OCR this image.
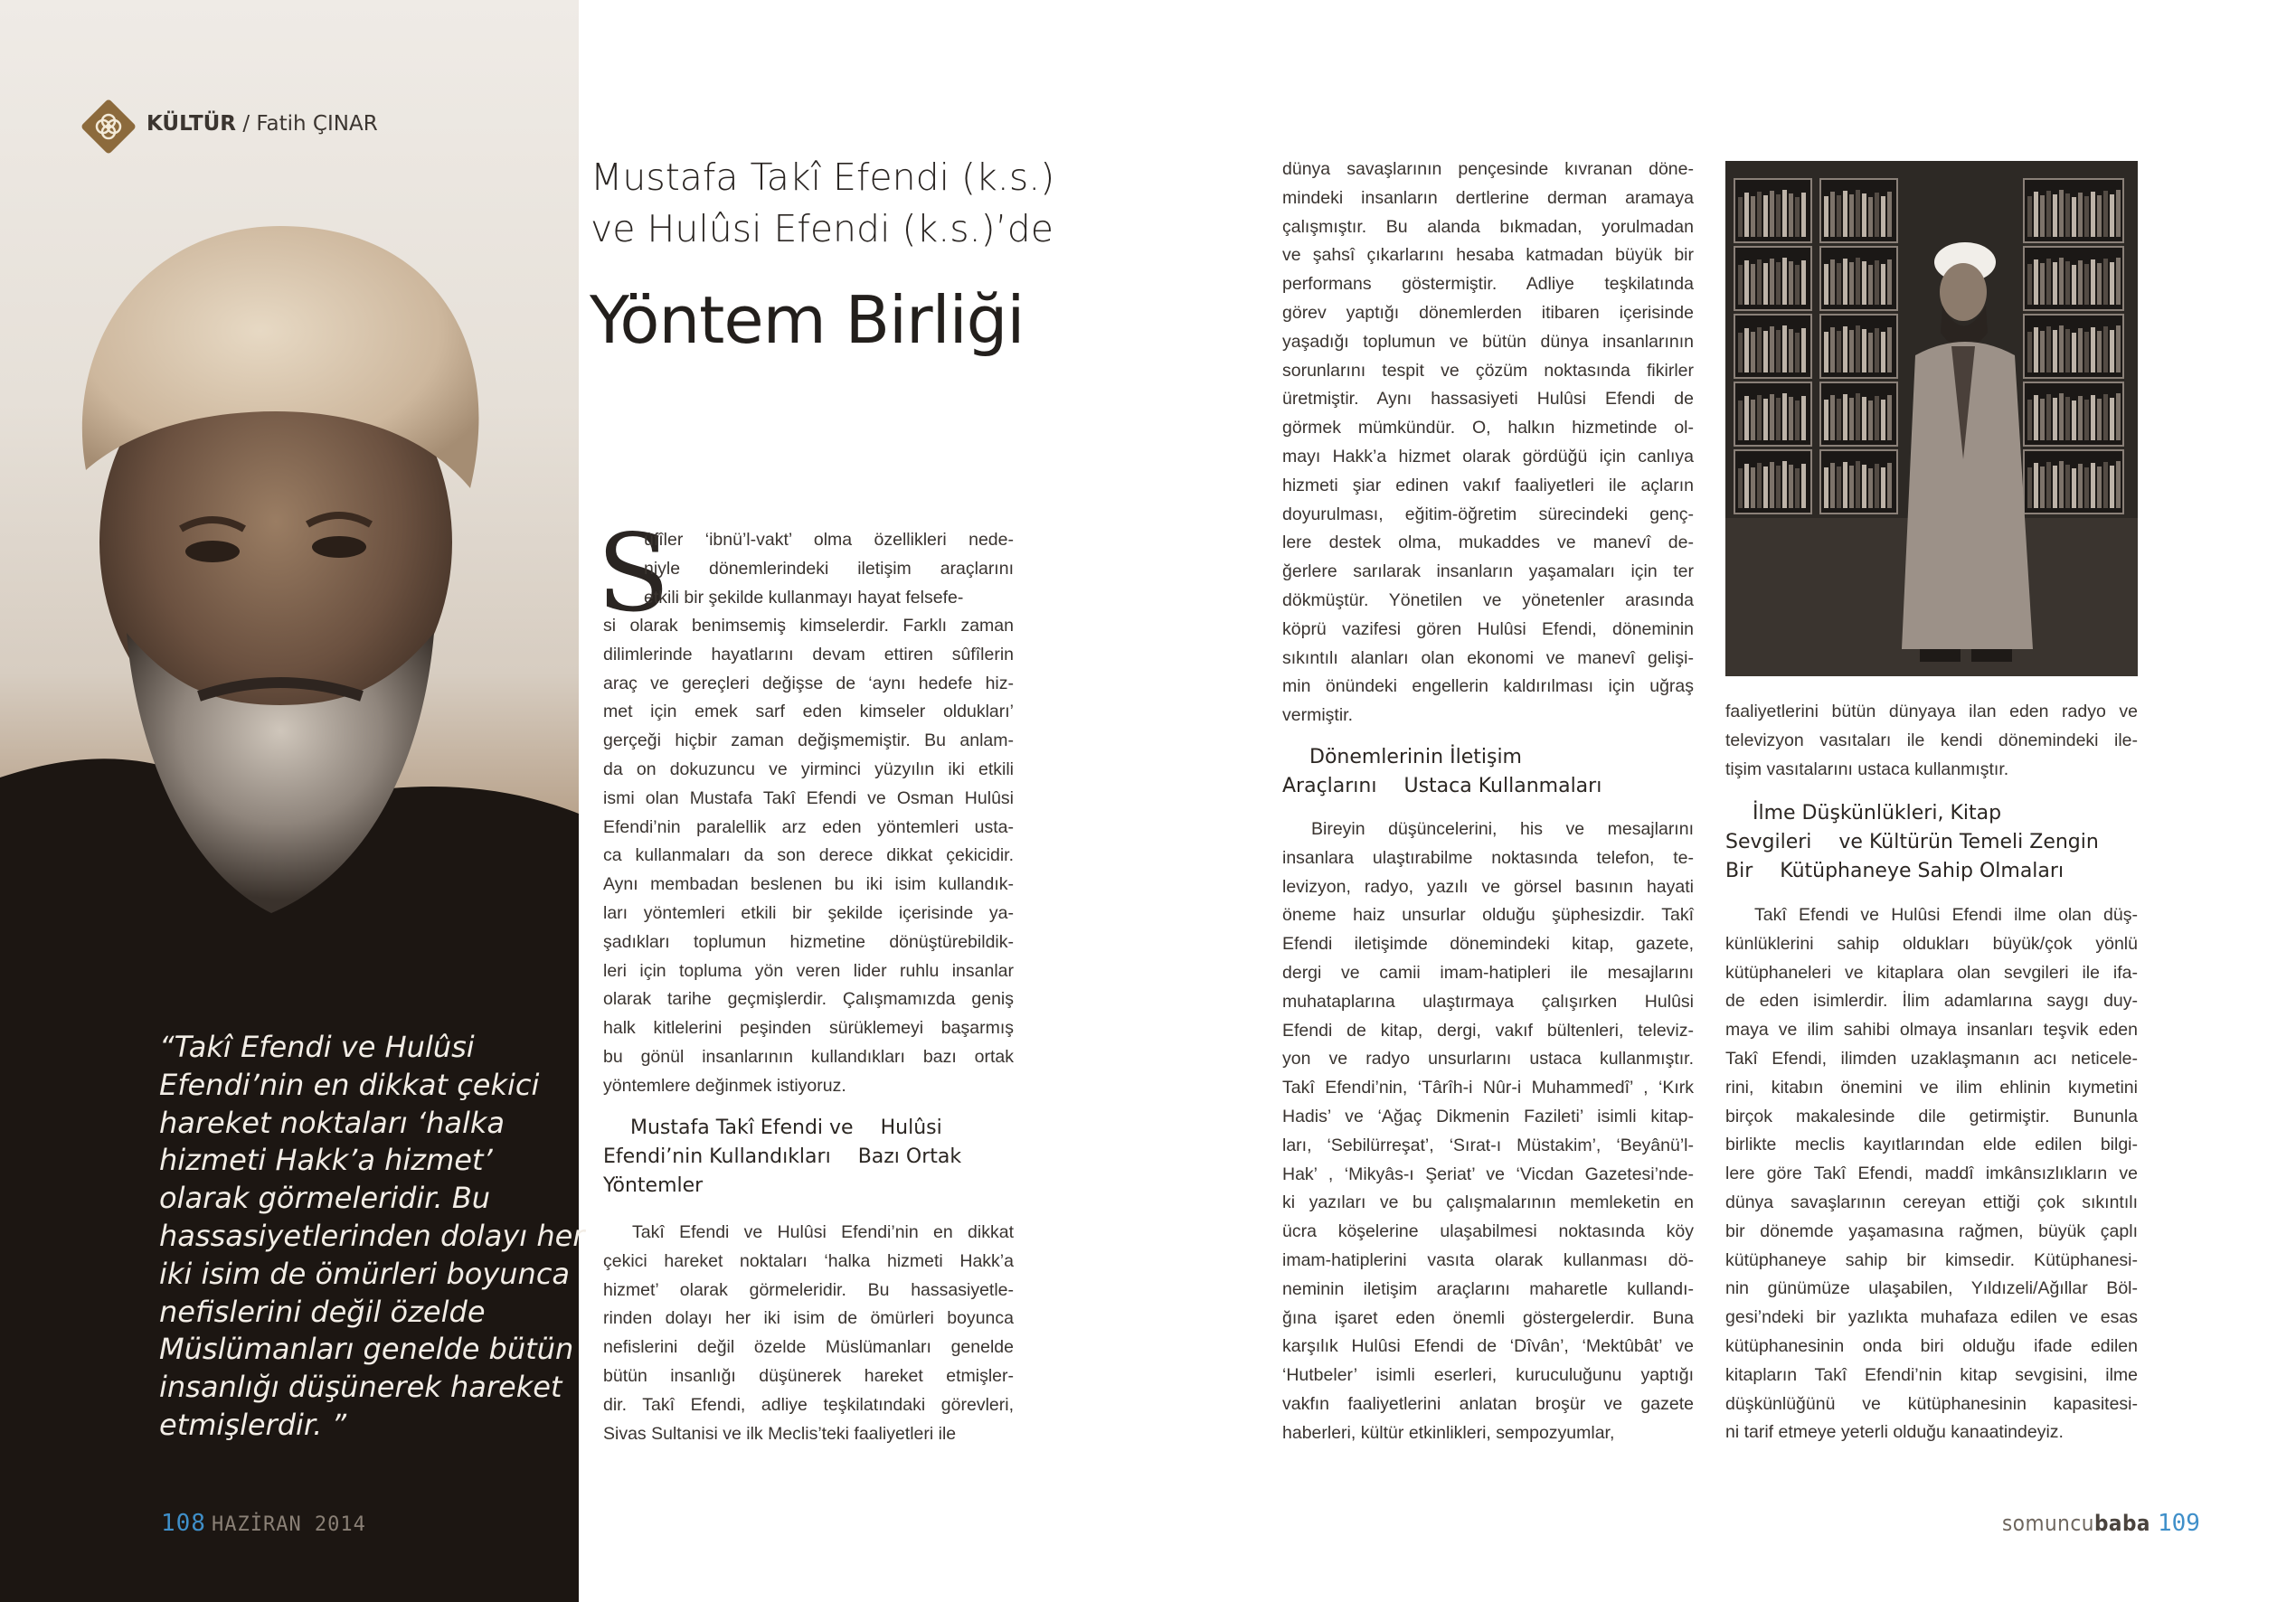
KÜLTÜR / Fatih ÇINAR
“Takî Efendi ve Hulûsi
Efendi’nin en dikkat çekici
hareket noktaları ‘halka
hizmeti Hakk’a hizmet’
olarak görmeleridir. Bu
hassasiyetlerinden dolayı her
iki isim de ömürleri boyunca
nefislerini değil özelde
Müslümanları genelde bütün
insanlığı düşünerek hareket
etmişlerdir. ”
108 HAZİRAN 2014
Mustafa Takî Efendi (k.s.)
ve Hulûsi Efendi (k.s.)’de
Yöntem Birliği
S
ûfîler ‘ibnü’l-vakt’ olma özellikleri nede-
niyle dönemlerindeki iletişim araçlarını
etkili bir şekilde kullanmayı hayat felsefe-
si olarak benimsemiş kimselerdir. Farklı zaman
dilimlerinde hayatlarını devam ettiren sûfîlerin
araç ve gereçleri değişse de ‘aynı hedefe hiz-
met için emek sarf eden kimseler oldukları’
gerçeği hiçbir zaman değişmemiştir. Bu anlam-
da on dokuzuncu ve yirminci yüzyılın iki etkili
ismi olan Mustafa Takî Efendi ve Osman Hulûsi
Efendi’nin paralellik arz eden yöntemleri usta-
ca kullanmaları da son derece dikkat çekicidir.
Aynı membadan beslenen bu iki isim kullandık-
ları yöntemleri etkili bir şekilde içerisinde ya-
şadıkları toplumun hizmetine dönüştürebildik-
leri için topluma yön veren lider ruhlu insanlar
olarak tarihe geçmişlerdir. Çalışmamızda geniş
halk kitlelerini peşinden sürüklemeyi başarmış
bu gönül insanlarının kullandıkları bazı ortak
yöntemlere değinmek istiyoruz.
Mustafa Takî Efendi ve Hulûsi Efendi’nin Kullandıkları Bazı Ortak Yöntemler
Takî Efendi ve Hulûsi Efendi’nin en dikkat
çekici hareket noktaları ‘halka hizmeti Hakk’a
hizmet’ olarak görmeleridir. Bu hassasiyetle-
rinden dolayı her iki isim de ömürleri boyunca
nefislerini değil özelde Müslümanları genelde
bütün insanlığı düşünerek hareket etmişler-
dir. Takî Efendi, adliye teşkilatındaki görevleri,
Sivas Sultanisi ve ilk Meclis’teki faaliyetleri ile
dünya savaşlarının pençesinde kıvranan döne-
mindeki insanların dertlerine derman aramaya
çalışmıştır. Bu alanda bıkmadan, yorulmadan
ve şahsî çıkarlarını hesaba katmadan büyük bir
performans göstermiştir. Adliye teşkilatında
görev yaptığı dönemlerden itibaren içerisinde
yaşadığı toplumun ve bütün dünya insanlarının
sorunlarını tespit ve çözüm noktasında fikirler
üretmiştir. Aynı hassasiyeti Hulûsi Efendi de
görmek mümkündür. O, halkın hizmetinde ol-
mayı Hakk’a hizmet olarak gördüğü için canlıya
hizmeti şiar edinen vakıf faaliyetleri ile açların
doyurulması, eğitim-öğretim sürecindeki genç-
lere destek olma, mukaddes ve manevî de-
ğerlere sarılarak insanların yaşamaları için ter
dökmüştür. Yönetilen ve yönetenler arasında
köprü vazifesi gören Hulûsi Efendi, döneminin
sıkıntılı alanları olan ekonomi ve manevî gelişi-
min önündeki engellerin kaldırılması için uğraş
vermiştir.
Dönemlerinin İletişim Araçlarını Ustaca Kullanmaları
Bireyin düşüncelerini, his ve mesajlarını
insanlara ulaştırabilme noktasında telefon, te-
levizyon, radyo, yazılı ve görsel basının hayati
öneme haiz unsurlar olduğu şüphesizdir. Takî
Efendi iletişimde dönemindeki kitap, gazete,
dergi ve camii imam-hatipleri ile mesajlarını
muhataplarına ulaştırmaya çalışırken Hulûsi
Efendi de kitap, dergi, vakıf bültenleri, televiz-
yon ve radyo unsurlarını ustaca kullanmıştır.
Takî Efendi’nin, ‘Târîh-i Nûr-i Muhammedî’ , ‘Kırk
Hadis’ ve ‘Ağaç Dikmenin Fazileti’ isimli kitap-
ları, ‘Sebilürreşat’, ‘Sırat-ı Müstakim’, ‘Beyânü’l-
Hak’ , ‘Mikyâs-ı Şeriat’ ve ‘Vicdan Gazetesi’nde-
ki yazıları ve bu çalışmalarının memleketin en
ücra köşelerine ulaşabilmesi noktasında köy
imam-hatiplerini vasıta olarak kullanması dö-
neminin iletişim araçlarını maharetle kullandı-
ğına işaret eden önemli göstergelerdir. Buna
karşılık Hulûsi Efendi de ‘Dîvân’, ‘Mektûbât’ ve
‘Hutbeler’ isimli eserleri, kuruculuğunu yaptığı
vakfın faaliyetlerini anlatan broşür ve gazete
haberleri, kültür etkinlikleri, sempozyumlar,
faaliyetlerini bütün dünyaya ilan eden radyo ve
televizyon vasıtaları ile kendi dönemindeki ile-
tişim vasıtalarını ustaca kullanmıştır.
İlme Düşkünlükleri, Kitap Sevgileri ve Kültürün Temeli Zengin Bir Kütüphaneye Sahip Olmaları
Takî Efendi ve Hulûsi Efendi ilme olan düş-
künlüklerini sahip oldukları büyük/çok yönlü
kütüphaneleri ve kitaplara olan sevgileri ile ifa-
de eden isimlerdir. İlim adamlarına saygı duy-
maya ve ilim sahibi olmaya insanları teşvik eden
Takî Efendi, ilimden uzaklaşmanın acı neticele-
rini, kitabın önemini ve ilim ehlinin kıymetini
birçok makalesinde dile getirmiştir. Bununla
birlikte meclis kayıtlarından elde edilen bilgi-
lere göre Takî Efendi, maddî imkânsızlıkların ve
dünya savaşlarının cereyan ettiği çok sıkıntılı
bir dönemde yaşamasına rağmen, büyük çaplı
kütüphaneye sahip bir kimsedir. Kütüphanesi-
nin günümüze ulaşabilen, Yıldızeli/Ağıllar Böl-
gesi’ndeki bir yazlıkta muhafaza edilen ve esas
kütüphanesinin onda biri olduğu ifade edilen
kitapların Takî Efendi’nin kitap sevgisini, ilme
düşkünlüğünü ve kütüphanesinin kapasitesi-
ni tarif etmeye yeterli olduğu kanaatindeyiz.
somuncubaba 109
